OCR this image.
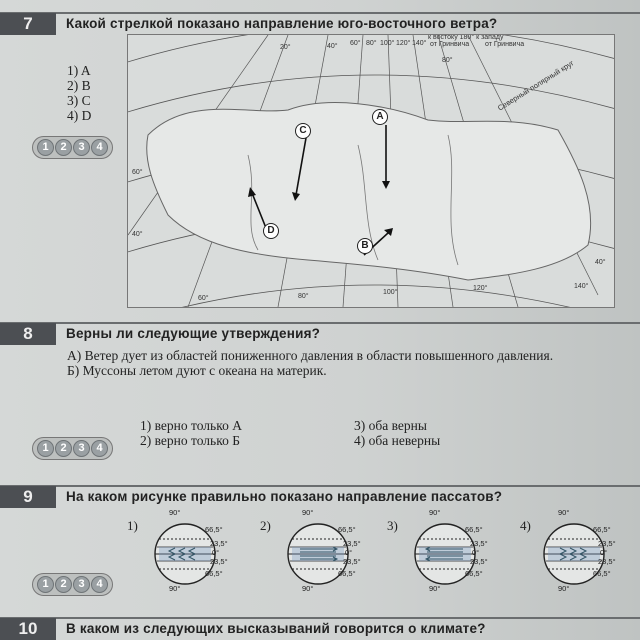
7	Какой стрелкой показано направление юго-восточного ветра?
1) A
2) B
3) C
4) D
1	2	3	4
20°	40° 60° 80° 100° 120° 140°
к востоку 180° к западу
от Гринвича от Гринвича
80°	Северный полярный круг
60°
40°
60°	80°
100°
120°	140°
40°
A
B
C
D
8	Верны ли следующие утверждения?
А) Ветер дует из областей пониженного давления в области повышенного давления.
Б) Муссоны летом дуют с океана на материк.
1) верно только А
2) верно только Б
3) оба верны
4) оба неверны
1	2	3	4
9	На каком рисунке правильно показано направление пассатов?
1)
90°
66,5°
23,5°
0°
23,5°
66,5°
90°
2)
90°
66,5°
23,5°
0°
23,5°
66,5°
90°
3)
90°
66,5°
23,5°
0°
23,5°
66,5°
90°
4)
90°
66,5°
23,5°
0°
23,5°
66,5°
90°
1	2	3	4
10	В каком из следующих высказываний говорится о климате?
